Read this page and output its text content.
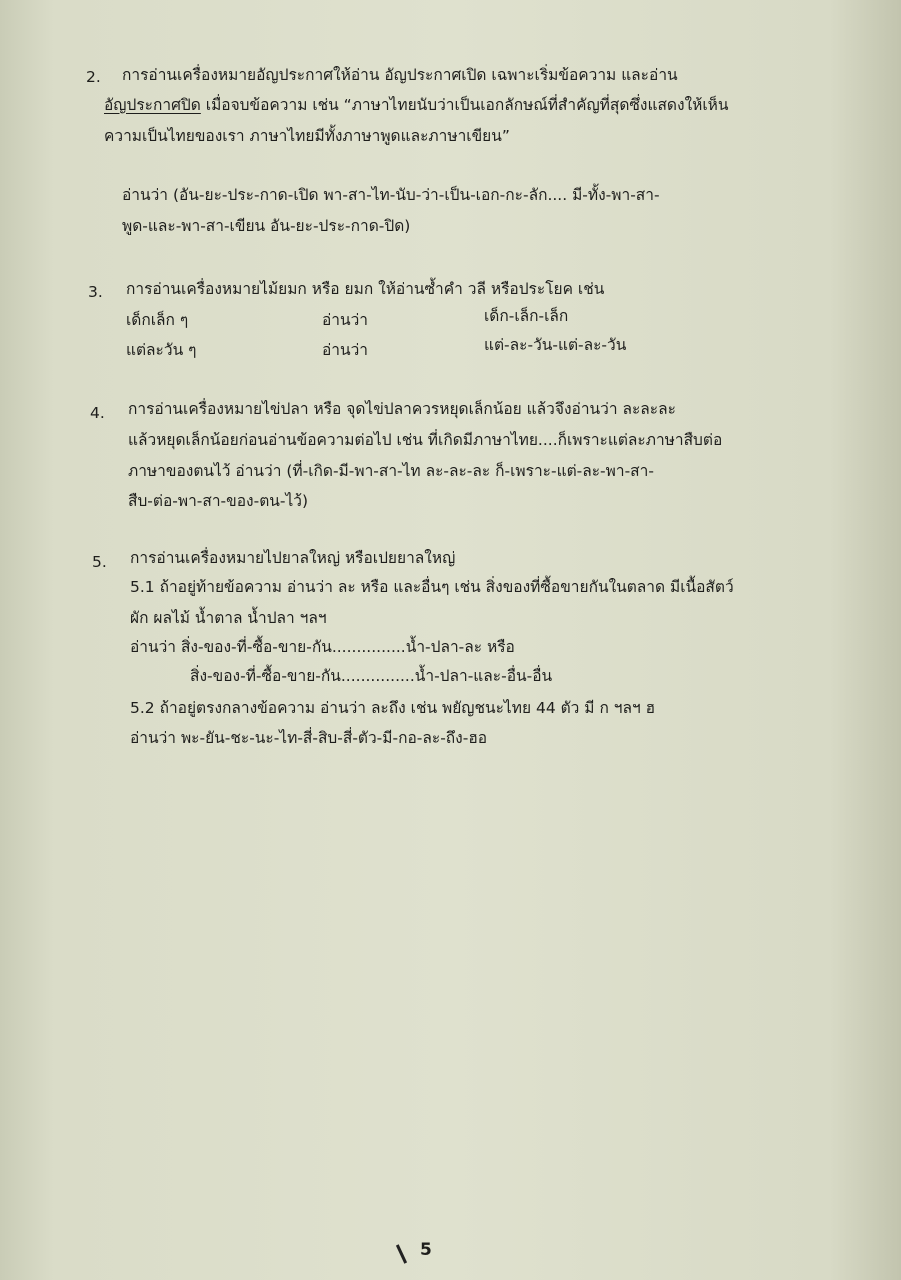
2. การอ่านเครื่องหมายอัญประกาศให้อ่าน อัญประกาศเปิด เฉพาะเริ่มข้อความ และอ่าน
อัญประกาศปิด เมื่อจบข้อความ เช่น “ภาษาไทยนับว่าเป็นเอกลักษณ์ที่สำคัญที่สุดซึ่งแสดงให้เห็น
ความเป็นไทยของเรา ภาษาไทยมีทั้งภาษาพูดและภาษาเขียน”
อ่านว่า (อัน-ยะ-ประ-กาด-เปิด พา-สา-ไท-นับ-ว่า-เป็น-เอก-กะ-ลัก.... มี-ทั้ง-พา-สา-
พูด-และ-พา-สา-เขียน อัน-ยะ-ประ-กาด-ปิด)
3. การอ่านเครื่องหมายไม้ยมก หรือ ยมก ให้อ่านซ้ำคำ วลี หรือประโยค เช่น
เด็กเล็ก ๆ	อ่านว่า	เด็ก-เล็ก-เล็ก
แต่ละวัน ๆ	อ่านว่า	แต่-ละ-วัน-แต่-ละ-วัน
4. การอ่านเครื่องหมายไข่ปลา หรือ จุดไข่ปลาควรหยุดเล็กน้อย แล้วจึงอ่านว่า ละละละ
แล้วหยุดเล็กน้อยก่อนอ่านข้อความต่อไป เช่น ที่เกิดมีภาษาไทย....ก็เพราะแต่ละภาษาสืบต่อ
ภาษาของตนไว้ อ่านว่า (ที่-เกิด-มี-พา-สา-ไท ละ-ละ-ละ ก็-เพราะ-แต่-ละ-พา-สา-
สืบ-ต่อ-พา-สา-ของ-ตน-ไว้)
5. การอ่านเครื่องหมายไปยาลใหญ่ หรือเปยยาลใหญ่
5.1 ถ้าอยู่ท้ายข้อความ อ่านว่า ละ หรือ และอื่นๆ เช่น สิ่งของที่ซื้อขายกันในตลาด มีเนื้อสัตว์
ผัก ผลไม้ น้ำตาล น้ำปลา ฯลฯ
อ่านว่า สิ่ง-ของ-ที่-ซื้อ-ขาย-กัน...............น้ำ-ปลา-ละ หรือ
สิ่ง-ของ-ที่-ซื้อ-ขาย-กัน...............น้ำ-ปลา-และ-อื่น-อื่น
5.2 ถ้าอยู่ตรงกลางข้อความ อ่านว่า ละถึง เช่น พยัญชนะไทย 44 ตัว มี ก ฯลฯ ฮ
อ่านว่า พะ-ยัน-ชะ-นะ-ไท-สี่-สิบ-สี่-ตัว-มี-กอ-ละ-ถึง-ฮอ
5
